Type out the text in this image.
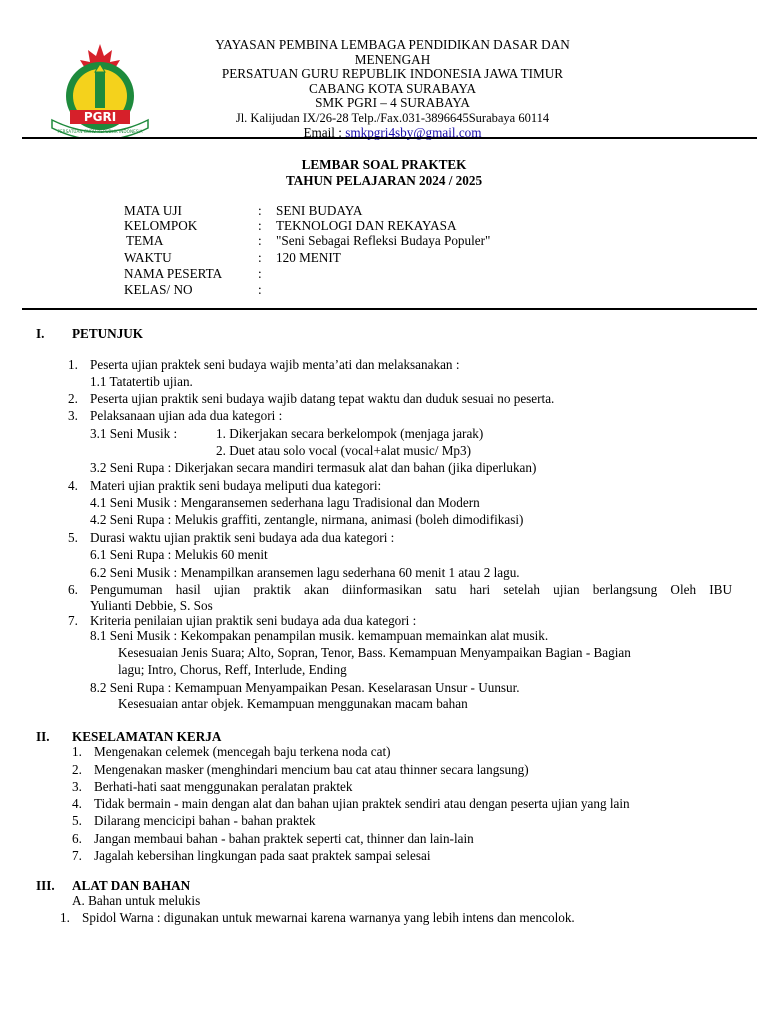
PGRI
PERSATUAN GURU REPUBLIK INDONESIA
YAYASAN PEMBINA LEMBAGA PENDIDIKAN DASAR DAN MENENGAH
PERSATUAN GURU REPUBLIK INDONESIA JAWA TIMUR
CABANG KOTA SURABAYA
SMK PGRI – 4 SURABAYA
Jl. Kalijudan IX/26-28 Telp./Fax.031-3896645Surabaya 60114
Email : smkpgri4sby@gmail.com
LEMBAR SOAL PRAKTEK
TAHUN PELAJARAN 2024 / 2025
MATA UJI	: SENI BUDAYA
KELOMPOK	: TEKNOLOGI DAN REKAYASA
TEMA	: "Seni Sebagai Refleksi Budaya Populer"
WAKTU	: 120 MENIT
NAMA PESERTA	:
KELAS/ NO	:
I. PETUNJUK
1. Peserta ujian praktek seni budaya wajib menta’ati dan melaksanakan :
1.1 Tatatertib ujian.
2. Peserta ujian praktik seni budaya wajib datang tepat waktu dan duduk sesuai no peserta.
3. Pelaksanaan ujian ada dua kategori :
3.1 Seni Musik :	1. Dikerjakan secara berkelompok (menjaga jarak)
2. Duet atau solo vocal (vocal+alat music/ Mp3)
3.2 Seni Rupa : Dikerjakan secara mandiri termasuk alat dan bahan (jika diperlukan)
4. Materi ujian praktik seni budaya meliputi dua kategori:
4.1 Seni Musik : Mengaransemen sederhana lagu Tradisional dan Modern
4.2 Seni Rupa : Melukis graffiti, zentangle, nirmana, animasi (boleh dimodifikasi)
5. Durasi waktu ujian praktik seni budaya ada dua kategori :
6.1 Seni Rupa : Melukis 60 menit
6.2 Seni Musik : Menampilkan aransemen lagu sederhana 60 menit 1 atau 2 lagu.
6. Pengumuman hasil ujian praktik akan diinformasikan satu hari setelah ujian berlangsung Oleh IBU
Yulianti Debbie, S. Sos
7. Kriteria penilaian ujian praktik seni budaya ada dua kategori :
8.1 Seni Musik : Kekompakan penampilan musik. kemampuan memainkan alat musik.
Kesesuaian Jenis Suara; Alto, Sopran, Tenor, Bass. Kemampuan Menyampaikan Bagian - Bagian
lagu; Intro, Chorus, Reff, Interlude, Ending
8.2 Seni Rupa : Kemampuan Menyampaikan Pesan. Keselarasan Unsur - Uunsur.
Kesesuaian antar objek. Kemampuan menggunakan macam bahan
II. KESELAMATAN KERJA
1. Mengenakan celemek (mencegah baju terkena noda cat)
2. Mengenakan masker (menghindari mencium bau cat atau thinner secara langsung)
3. Berhati-hati saat menggunakan peralatan praktek
4. Tidak bermain - main dengan alat dan bahan ujian praktek sendiri atau dengan peserta ujian yang lain
5. Dilarang mencicipi bahan - bahan praktek
6. Jangan membaui bahan - bahan praktek seperti cat, thinner dan lain-lain
7. Jagalah kebersihan lingkungan pada saat praktek sampai selesai
III. ALAT DAN BAHAN
A. Bahan untuk melukis
1. Spidol Warna : digunakan untuk mewarnai karena warnanya yang lebih intens dan mencolok.
